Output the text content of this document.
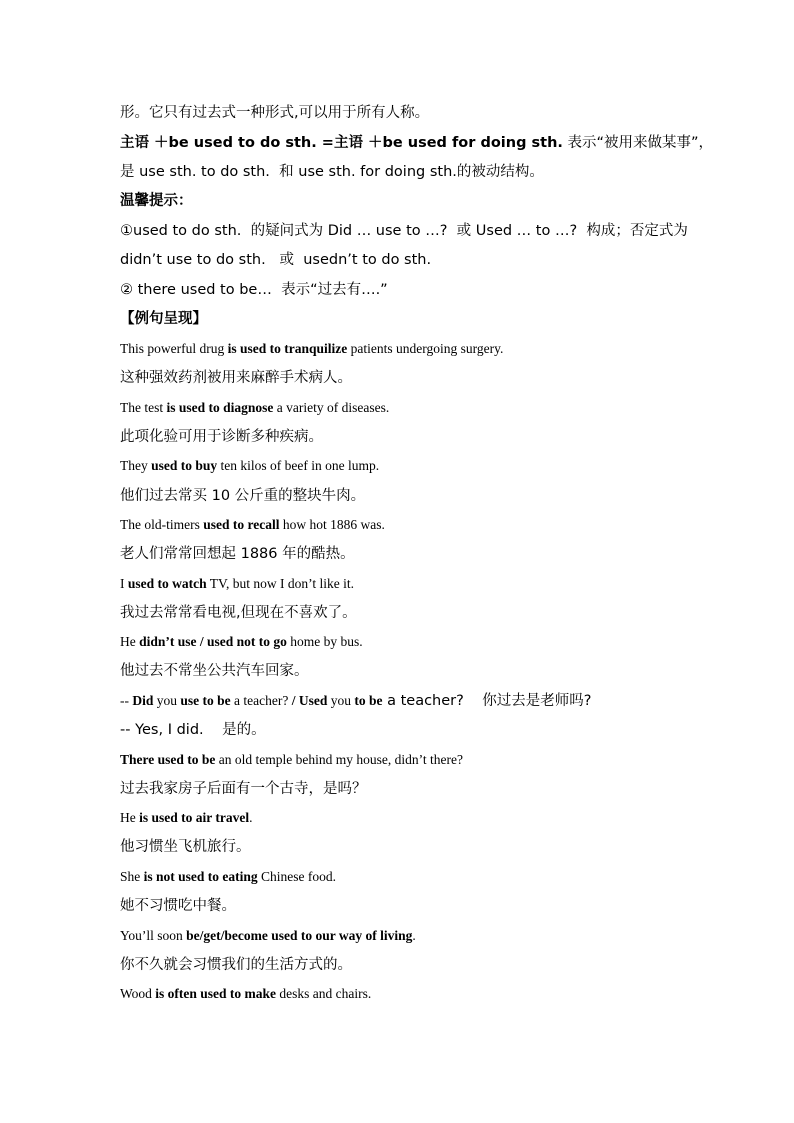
形。它只有过去式一种形式,可以用于所有人称。
主语 ＋be used to do sth. =主语 ＋be used for doing sth. 表示“被用来做某事”，
是 use sth. to do sth.  和 use sth. for doing sth.的被动结构。
温馨提示：
①used to do sth.  的疑问式为 Did … use to …?  或 Used … to …?  构成；否定式为
didn’t use to do sth.   或  usedn’t to do sth.
② there used to be…  表示“过去有….”
【例句呈现】
This powerful drug is used to tranquilize patients undergoing surgery.
这种强效药剂被用来麻醉手术病人。
The test is used to diagnose a variety of diseases.
此项化验可用于诊断多种疾病。
They used to buy ten kilos of beef in one lump.
他们过去常买 10 公斤重的整块牛肉。
The old-timers used to recall how hot 1886 was.
老人们常常回想起 1886 年的酷热。
I used to watch TV, but now I don’t like it.
我过去常常看电视,但现在不喜欢了。
He didn’t use / used not to go home by bus.
他过去不常坐公共汽车回家。
-- Did you use to be a teacher? / Used you to be a teacher?    你过去是老师吗?
-- Yes, I did.    是的。
There used to be an old temple behind my house, didn’t there?
过去我家房子后面有一个古寺，是吗？
He is used to air travel.
他习惯坐飞机旅行。
She is not used to eating Chinese food.
她不习惯吃中餐。
You’ll soon be/get/become used to our way of living.
你不久就会习惯我们的生活方式的。
Wood is often used to make desks and chairs.
